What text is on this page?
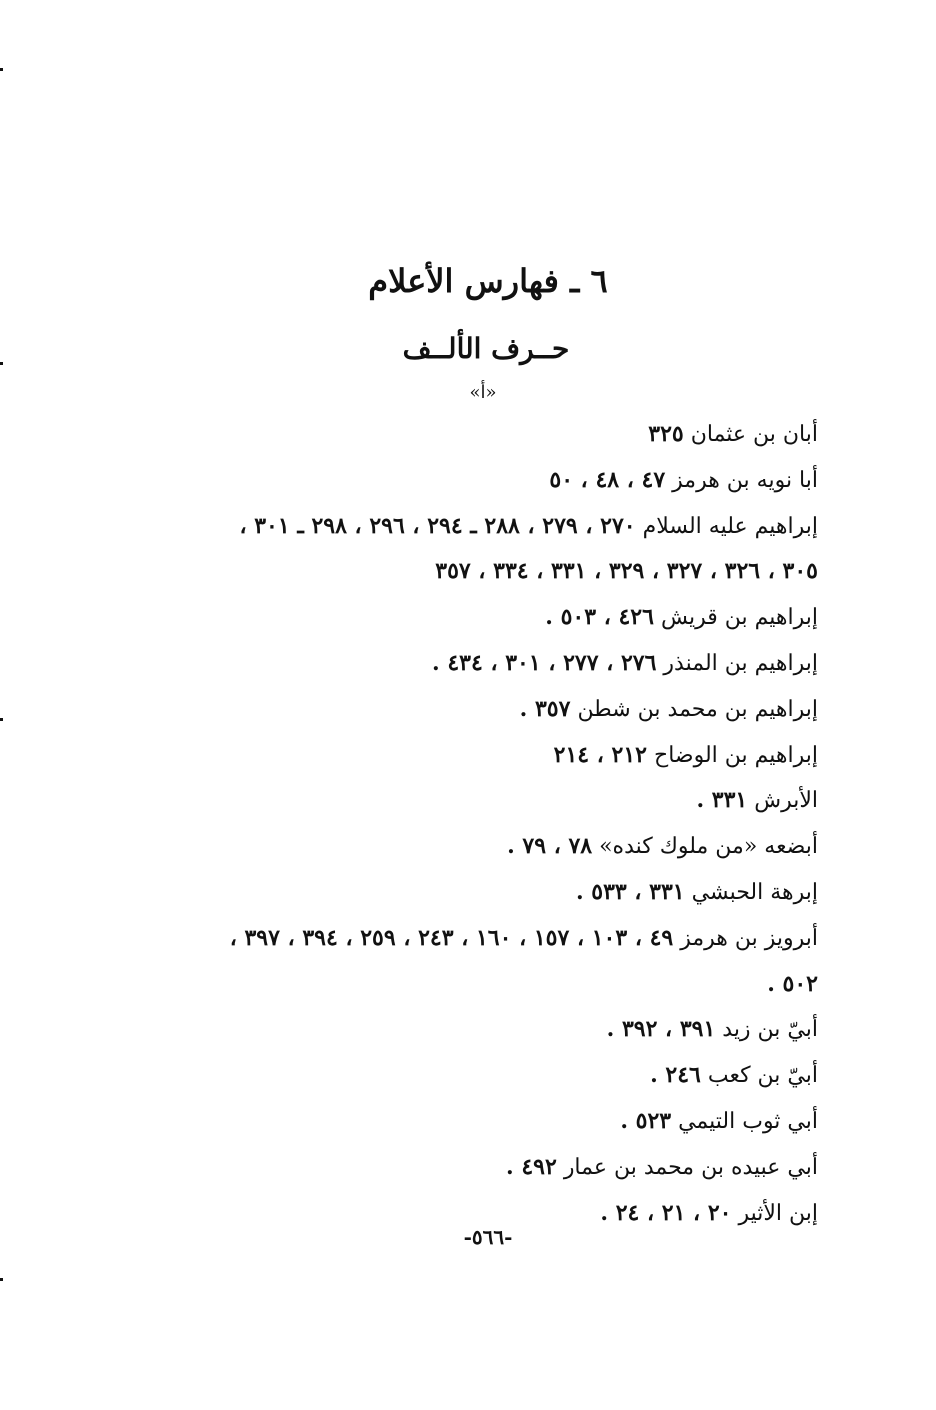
٦ ـ فهارس الأعلام
حــرف الألــف
«أ»
أبان بن عثمان ٣٢٥
أبا نويه بن هرمز ٤٧ ، ٤٨ ، ٥٠
إبراهيم عليه السلام ٢٧٠ ، ٢٧٩ ، ٢٨٨ ـ ٢٩٤ ، ٢٩٦ ، ٢٩٨ ـ ٣٠١ ،
٣٠٥ ، ٣٢٦ ، ٣٢٧ ، ٣٢٩ ، ٣٣١ ، ٣٣٤ ، ٣٥٧
إبراهيم بن قريش ٤٢٦ ، ٥٠٣ .
إبراهيم بن المنذر ٢٧٦ ، ٢٧٧ ، ٣٠١ ، ٤٣٤ .
إبراهيم بن محمد بن شطن ٣٥٧ .
إبراهيم بن الوضاح ٢١٢ ، ٢١٤
الأبرش ٣٣١ .
أبضعه «من ملوك كنده» ٧٨ ، ٧٩ .
إبرهة الحبشي ٣٣١ ، ٥٣٣ .
أبرويز بن هرمز ٤٩ ، ١٠٣ ، ١٥٧ ، ١٦٠ ، ٢٤٣ ، ٢٥٩ ، ٣٩٤ ، ٣٩٧ ،
٥٠٢ .
أبيّ بن زيد ٣٩١ ، ٣٩٢ .
أبيّ بن كعب ٢٤٦ .
أبي ثوب التيمي ٥٢٣ .
أبي عبيده بن محمد بن عمار ٤٩٢ .
إبن الأثير ٢٠ ، ٢١ ، ٢٤ .
-٥٦٦-
